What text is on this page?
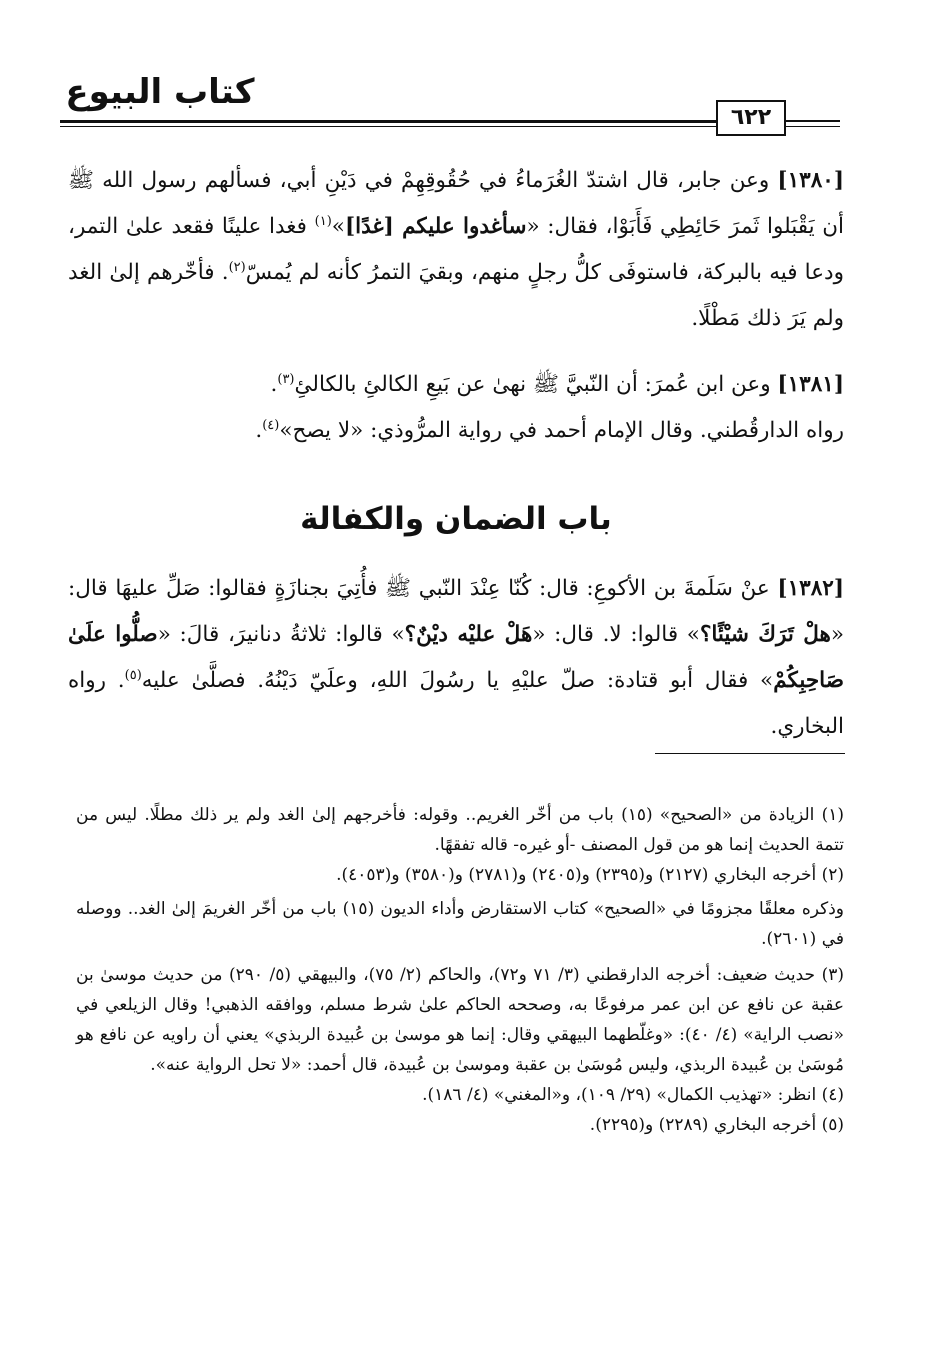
كتاب البيوع
٦٢٢

[١٣٨٠] وعن جابر، قال اشتدّ الغُرَماءُ في حُقُوقِهِمْ في دَيْنِ أبي، فسألهم رسول الله ﷺ أن يَقْبَلوا ثَمرَ حَائِطِي فَأَبَوْا، فقال: «سأغدوا عليكم [غدًا]»$^{(١)}$ فغدا علينًا فقعد علىٰ التمر، ودعا فيه بالبركة، فاستوفَى كلُّ رجلٍ منهم، وبقيَ التمرُ كأنه لم يُمسّ$^{(٢)}$. فأخّرهم إلىٰ الغد ولم يَرَ ذلك مَطْلًا.

[١٣٨١] وعن ابن عُمرَ: أن النّبيَّ ﷺ نهىٰ عن بَيعِ الكالئِ بالكالئِ$^{(٣)}$.

رواه الدارقُطني. وقال الإمام أحمد في رواية المرُّوذي: «لا يصح»$^{(٤)}$.

باب الضمان والكفالة

[١٣٨٢] عنْ سَلَمةَ بن الأكوعِ: قال: كُنّا عِنْدَ النّبي ﷺ فأُتِيَ بجنازَةٍ فقالوا: صَلِّ عليهَا قال: «هلْ تَرَكَ شيْئًا؟» قالوا: لا. قال: «هَلْ عليْه ديْنٌ؟» قالوا: ثلاثةُ دنانيرَ، قالَ: «صلُّوا علَىٰ صَاحِبِكُمْ» فقال أبو قتادة: صلّ عليْهِ يا رسُولَ اللهِ، وعلَيّ دَيْنُهُ. فصلَّىٰ عليه$^{(٥)}$. رواه البخاري.

(١) الزيادة من «الصحيح» (١٥) باب من أخّر الغريم.. وقوله: فأخرجهم إلىٰ الغد ولم ير ذلك مطلًا. ليس من تتمة الحديث إنما هو من قول المصنف -أو غيره- قاله تفقهًا.

(٢) أخرجه البخاري (٢١٢٧) و(٢٣٩٥) و(٢٤٠٥) و(٢٧٨١) و(٣٥٨٠) و(٤٠٥٣).

وذكره معلقًا مجزومًا في «الصحيح» كتاب الاستقارض وأداء الديون (١٥) باب من أخّر الغريمَ إلىٰ الغد.. ووصله في (٢٦٠١).

(٣) حديث ضعيف: أخرجه الدارقطني (٣/ ٧١ و٧٢)، والحاكم (٢/ ٧٥)، والبيهقي (٥/ ٢٩٠) من حديث موسىٰ بن عقبة عن نافع عن ابن عمر مرفوعًا به، وصححه الحاكم علىٰ شرط مسلم، ووافقه الذهبي! وقال الزيلعي في «نصب الراية» (٤/ ٤٠): «وغلّطهما البيهقي وقال: إنما هو موسىٰ بن عُبيدة الربذي» يعني أن راويه عن نافع هو مُوسَىٰ بن عُبيدة الربذي، وليس مُوسَىٰ بن عقبة وموسىٰ بن عُبيدة، قال أحمد: «لا تحل الرواية عنه».

(٤) انظر: «تهذيب الكمال» (٢٩/ ١٠٩)، و«المغني» (٤/ ١٨٦).

(٥) أخرجه البخاري (٢٢٨٩) و(٢٢٩٥).
